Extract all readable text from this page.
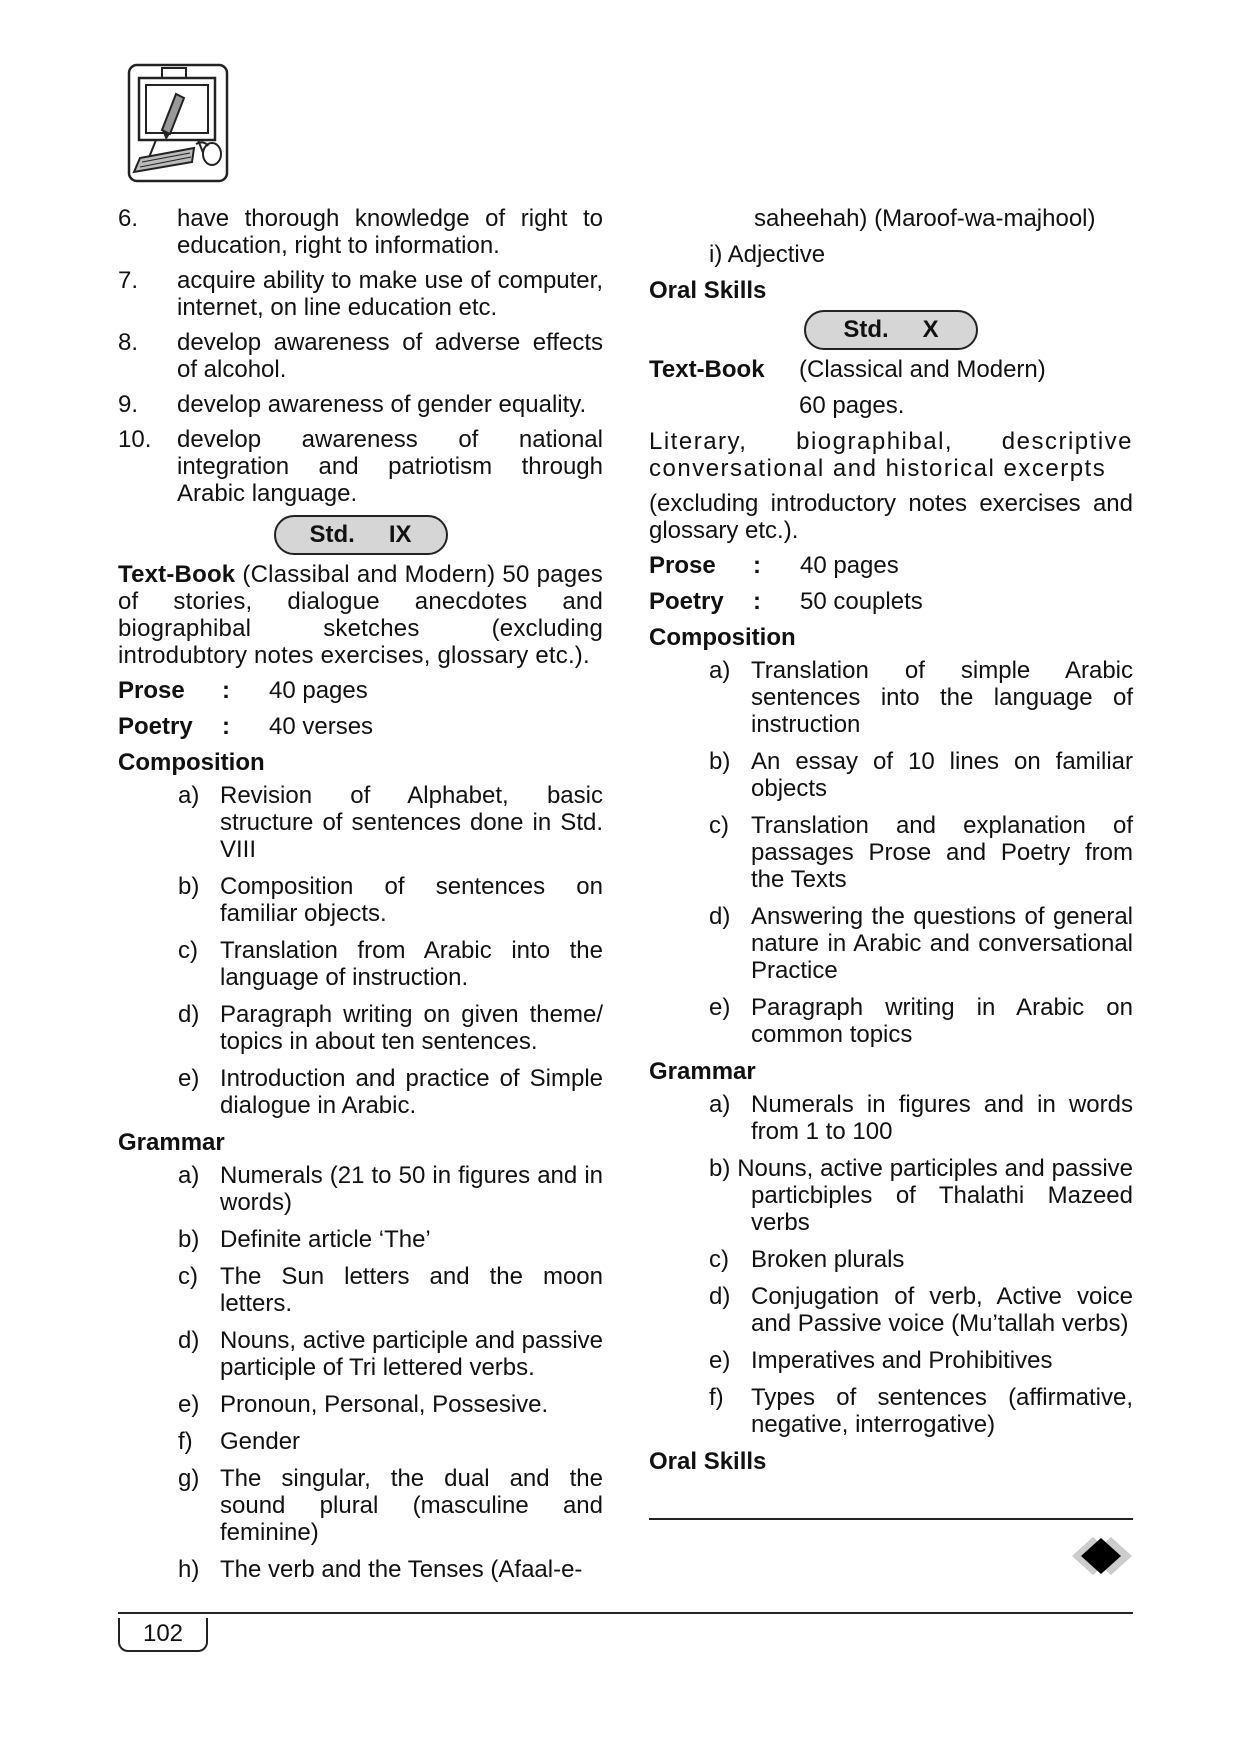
6.	have thorough knowledge of right to education, right to information.
7.	acquire ability to make use of computer, internet, on line education etc.
8.	develop awareness of adverse effects of alcohol.
9.	develop awareness of gender equality.
10.	develop awareness of national integration and patriotism through Arabic language.
Std. IX
Text-Book (Classibal and Modern) 50 pages of stories, dialogue anecdotes and biographibal sketches (excluding introdubtory notes exercises, glossary etc.).
Prose	:	40 pages
Poetry	:	40 verses
Composition
a) Revision of Alphabet, basic structure of sentences done in Std. VIII
b) Composition of sentences on familiar objects.
c) Translation from Arabic into the language of instruction.
d) Paragraph writing on given theme/ topics in about ten sentences.
e) Introduction and practice of Simple dialogue in Arabic.
Grammar
a) Numerals (21 to 50 in figures and in words)
b) Definite article ‘The’
c) The Sun letters and the moon letters.
d) Nouns, active participle and passive participle of Tri lettered verbs.
e) Pronoun, Personal, Possesive.
f)	Gender
g) The singular, the dual and the sound plural (masculine and feminine)
h) The verb and the Tenses (Afaal-e-
saheehah) (Maroof-wa-majhool)
i) Adjective
Oral Skills
Std. X
Text-Book	(Classical and Modern)
60 pages.
Literary, biographibal, descriptive conversational and historical excerpts
(excluding introductory notes exercises and glossary etc.).
Prose	:	40 pages
Poetry	:	50 couplets
Composition
a) Translation of simple Arabic sentences into the language of instruction
b) An essay of 10 lines on familiar objects
c) Translation and explanation of passages Prose and Poetry from the Texts
d) Answering the questions of general nature in Arabic and conversational Practice
e) Paragraph writing in Arabic on common topics
Grammar
a) Numerals in figures and in words from 1 to 100
b) Nouns, active participles and passive particbiples of Thalathi Mazeed verbs
c) Broken plurals
d) Conjugation of verb, Active voice and Passive voice (Mu’tallah verbs)
e) Imperatives and Prohibitives
f)	Types of sentences (affirmative, negative, interrogative)
Oral Skills
102
